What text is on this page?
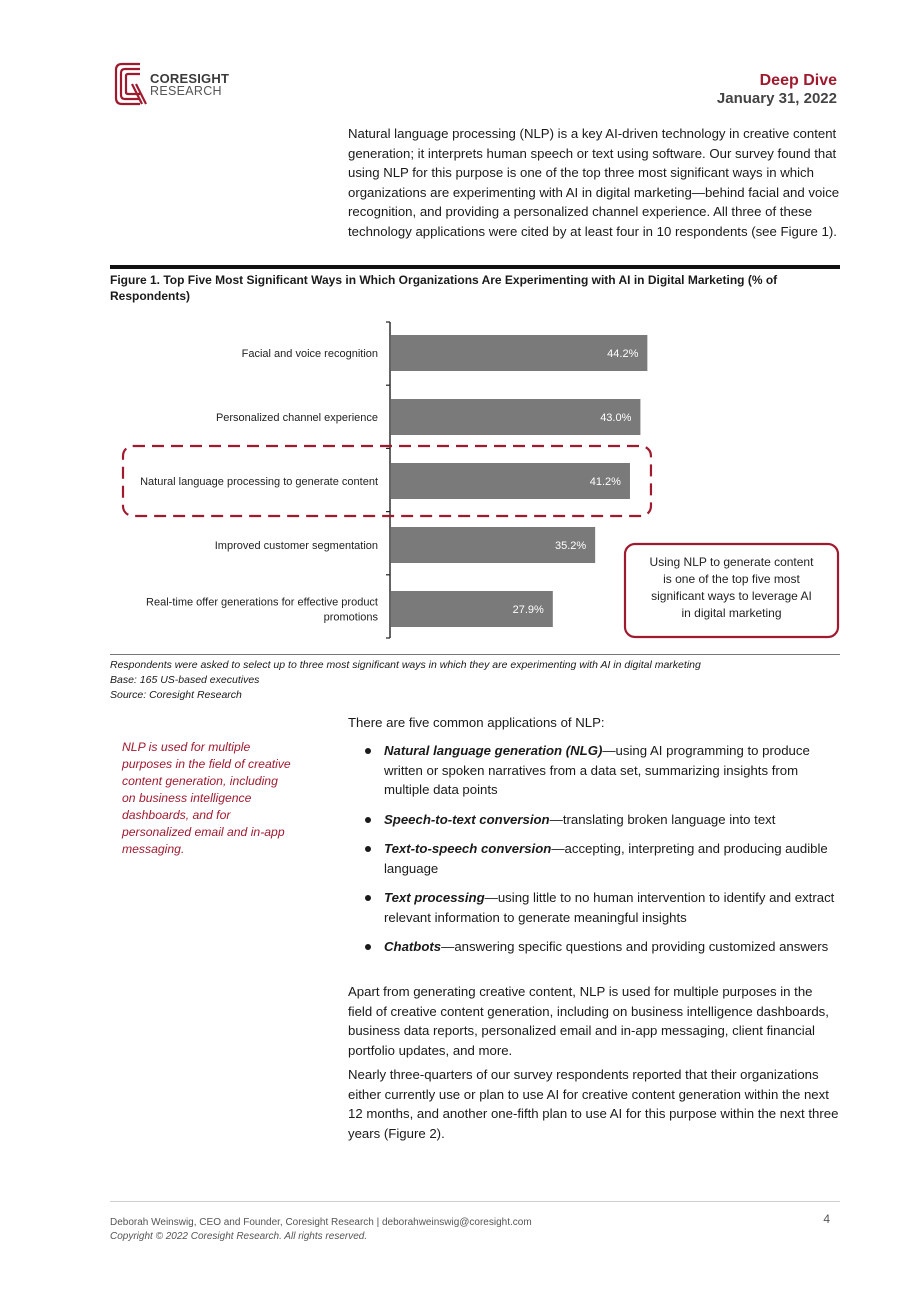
CORESIGHT
RESEARCH
Deep Dive
January 31, 2022
Natural language processing (NLP) is a key AI-driven technology in creative content generation; it interprets human speech or text using software. Our survey found that using NLP for this purpose is one of the top three most significant ways in which organizations are experimenting with AI in digital marketing—behind facial and voice recognition, and providing a personalized channel experience. All three of these technology applications were cited by at least four in 10 respondents (see Figure 1).
Figure 1. Top Five Most Significant Ways in Which Organizations Are Experimenting with AI in Digital Marketing (% of Respondents)
44.2%
Facial and voice recognition
43.0%
Personalized channel experience
41.2%
Natural language processing to generate content
35.2%
Improved customer segmentation
27.9%
Real-time offer generations for effective product
promotions
Using NLP to generate content
is one of the top five most
significant ways to leverage AI
in digital marketing
Respondents were asked to select up to three most significant ways in which they are experimenting with AI in digital marketing
Base: 165 US-based executives
Source: Coresight Research
There are five common applications of NLP:
NLP is used for multiple purposes in the field of creative content generation, including on business intelligence dashboards, and for personalized email and in-app messaging.
Natural language generation (NLG)—using AI programming to produce written or spoken narratives from a data set, summarizing insights from multiple data points
Speech-to-text conversion—translating broken language into text
Text-to-speech conversion—accepting, interpreting and producing audible language
Text processing—using little to no human intervention to identify and extract relevant information to generate meaningful insights
Chatbots—answering specific questions and providing customized answers
Apart from generating creative content, NLP is used for multiple purposes in the field of creative content generation, including on business intelligence dashboards, business data reports, personalized email and in-app messaging, client financial portfolio updates, and more.
Nearly three-quarters of our survey respondents reported that their organizations either currently use or plan to use AI for creative content generation within the next 12 months, and another one-fifth plan to use AI for this purpose within the next three years (Figure 2).
Deborah Weinswig, CEO and Founder, Coresight Research | deborahweinswig@coresight.com
Copyright © 2022 Coresight Research. All rights reserved.
4
